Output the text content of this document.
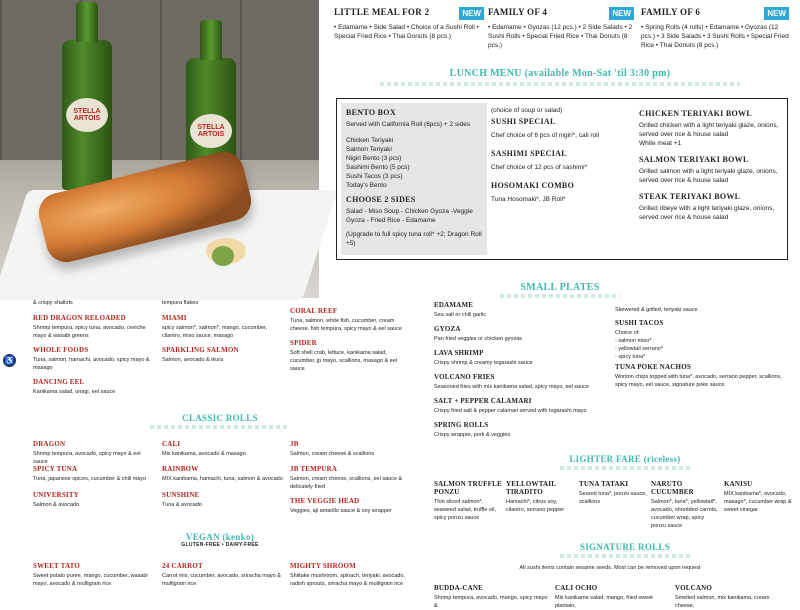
STELLA ARTOIS
STELLA ARTOIS
LITTLE MEAL FOR 2	NEW
• Edamame • Side Salad • Choice of a Sushi Roll • Special Fried Rice • Thai Donuts (8 pcs.)
FAMILY OF 4	NEW
• Edamame • Gyozas (12 pcs.) • 2 Side Salads • 2 Sushi Rolls • Special Fried Rice • Thai Donuts (8 pcs.)
FAMILY OF 6	NEW
• Spring Rolls (4 rolls) • Edamame • Gyozas (12 pcs.) • 3 Side Salads • 3 Sushi Rolls • Special Fried Rice • Thai Donuts (8 pcs.)
LUNCH MENU (available Mon-Sat 'til 3:30 pm)
BENTO BOX
Served with California Roll (6pcs) + 2 sides
Chicken Teriyaki
Salmon Teriyaki
Nigiri Bento (3 pcs)
Sashimi Bento (5 pcs)
Sushi Tacos (3 pcs)
Today's Bento
CHOOSE 2 SIDES
Salad - Miso Soup - Chicken Gyoza -Veggie Gyoza - Fried Rice - Edamame
(Upgrade to full spicy tuna roll* +2; Dragon Roll +5)
(choice of soup or salad)
SUSHI SPECIAL
Chef choice of 6 pcs of nigiri*, cali roll
SASHIMI SPECIAL
Chef choice of 12 pcs of sashimi*
HOSOMAKI COMBO
Tuna Hosomaki*, JB Roll*
CHICKEN TERIYAKI BOWL
Grilled chicken with a light teriyaki glaze, onions, served over rice & house salad
White meat +1
SALMON TERIYAKI BOWL
Grilled salmon with a light teriyaki glaze, onions, served over rice & house salad
STEAK TERIYAKI BOWL
Grilled ribeye with a light teriyaki glaze, onions, served over rice & house salad
& crispy shallots	tempura flakes
RED DRAGON RELOADED
Shrimp tempura, spicy tuna, avocado, ceviche mayo & wasabi greens
MIAMI
spicy salmon*, salmon*, mango, cucumber, cilantro, miso sauce, masago
CORAL REEF
Tuna, salmon, white fish, cucumber, cream cheese, fish tempura, spicy mayo & eel sauce
♿
WHOLE FOODS
Tuna, salmon, hamachi, avocado, spicy mayo & masago
SPARKLING SALMON
Salmon, avocado & ikura
SPIDER
Soft shell crab, lettuce, kanikama salad, cucumber, jp mayo, scallions, masago & eel sauce
DANCING EEL
Kanikama salad, unagi, eel sauce
CLASSIC ROLLS
DRAGON
Shrimp tempura, avocado, spicy mayo & eel sauce
CALI
Mix kanikama, avocado & masago
JB
Salmon, cream cheese & scallions
SPICY TUNA
Tuna, japanese spices, cucumber & chili mayo
RAINBOW
MIX kanikama, hamachi, tuna, salmon & avocado
JB TEMPURA
Salmon, cream cheese, scallions, eel sauce & delicately fried
UNIVERSITY
Salmon & avocado
SUNSHINE
Tuna & avocado	THE VEGGIE HEAD
Veggies, aji amarillo sauce & soy wrapper
VEGAN (kenko)
GLUTEN-FREE • DAIRY-FREE
SWEET TATO
Sweet potato puree, mango, cucumber, wasabi mayo, avocado & multigrain rice
24 CARROT
Carrot mix, cucumber, avocado, sriracha mayo & multigrain rice
MIGHTY SHROOM
Shiitake mushroom, spinach, teriyaki, avocado, radish sprouts, sriracha mayo & multigrain rice
SMALL PLATES
EDAMAME
Sea salt or chili garlic
GYOZA
Pan fried veggies or chicken gyozas
LAVA SHRIMP
Crispy shrimp & creamy togarashi sauce
VOLCANO FRIES
Seasoned fries with mix kanikama salad, spicy mayo, eel sauce
SALT + PEPPER CALAMARI
Crispy fried salt & pepper calamari served with togarashi mayo
SPRING ROLLS
Crispy wrapper, pork & veggies
Skewered & grilled, teriyaki sauce
SUSHI TACOS
Choice of:
- salmon miso*
- yellowtail serrano*
- spicy tuna*
TUNA POKE NACHOS
Wonton chips topped with tuna*, avocado, serrano pepper, scallions, spicy mayo, eel sauce, signature poke sauce.
LIGHTER FARE (riceless)
SALMON TRUFFLE PONZU
Thin sliced salmon*, seaweed salad, truffle oil, spicy ponzu sauce
YELLOWTAIL TIRADITO
Hamachi*, citrus soy, cilantro, serrano pepper
TUNA TATAKI
Seared tuna*, ponzu sauce, scallions
NARUTO CUCUMBER
Salmon*, tuna*, yellowtail*, avocado, shredded carrots, cucumber wrap, spicy ponzu sauce
KANISU
MIX kanikama*, avocado, masago*, cucumber wrap & sweet vinegar
SIGNATURE ROLLS
All sushi items contain sesame seeds. Most can be removed upon request
BUDDA-CANE
Shrimp tempura, avocado, mango, spicy mayo &
CALI OCHO
Mix kanikama salad, mango, fried sweet plantain,
VOLCANO
Smelted salmon, mix kanikama, cream cheese,
